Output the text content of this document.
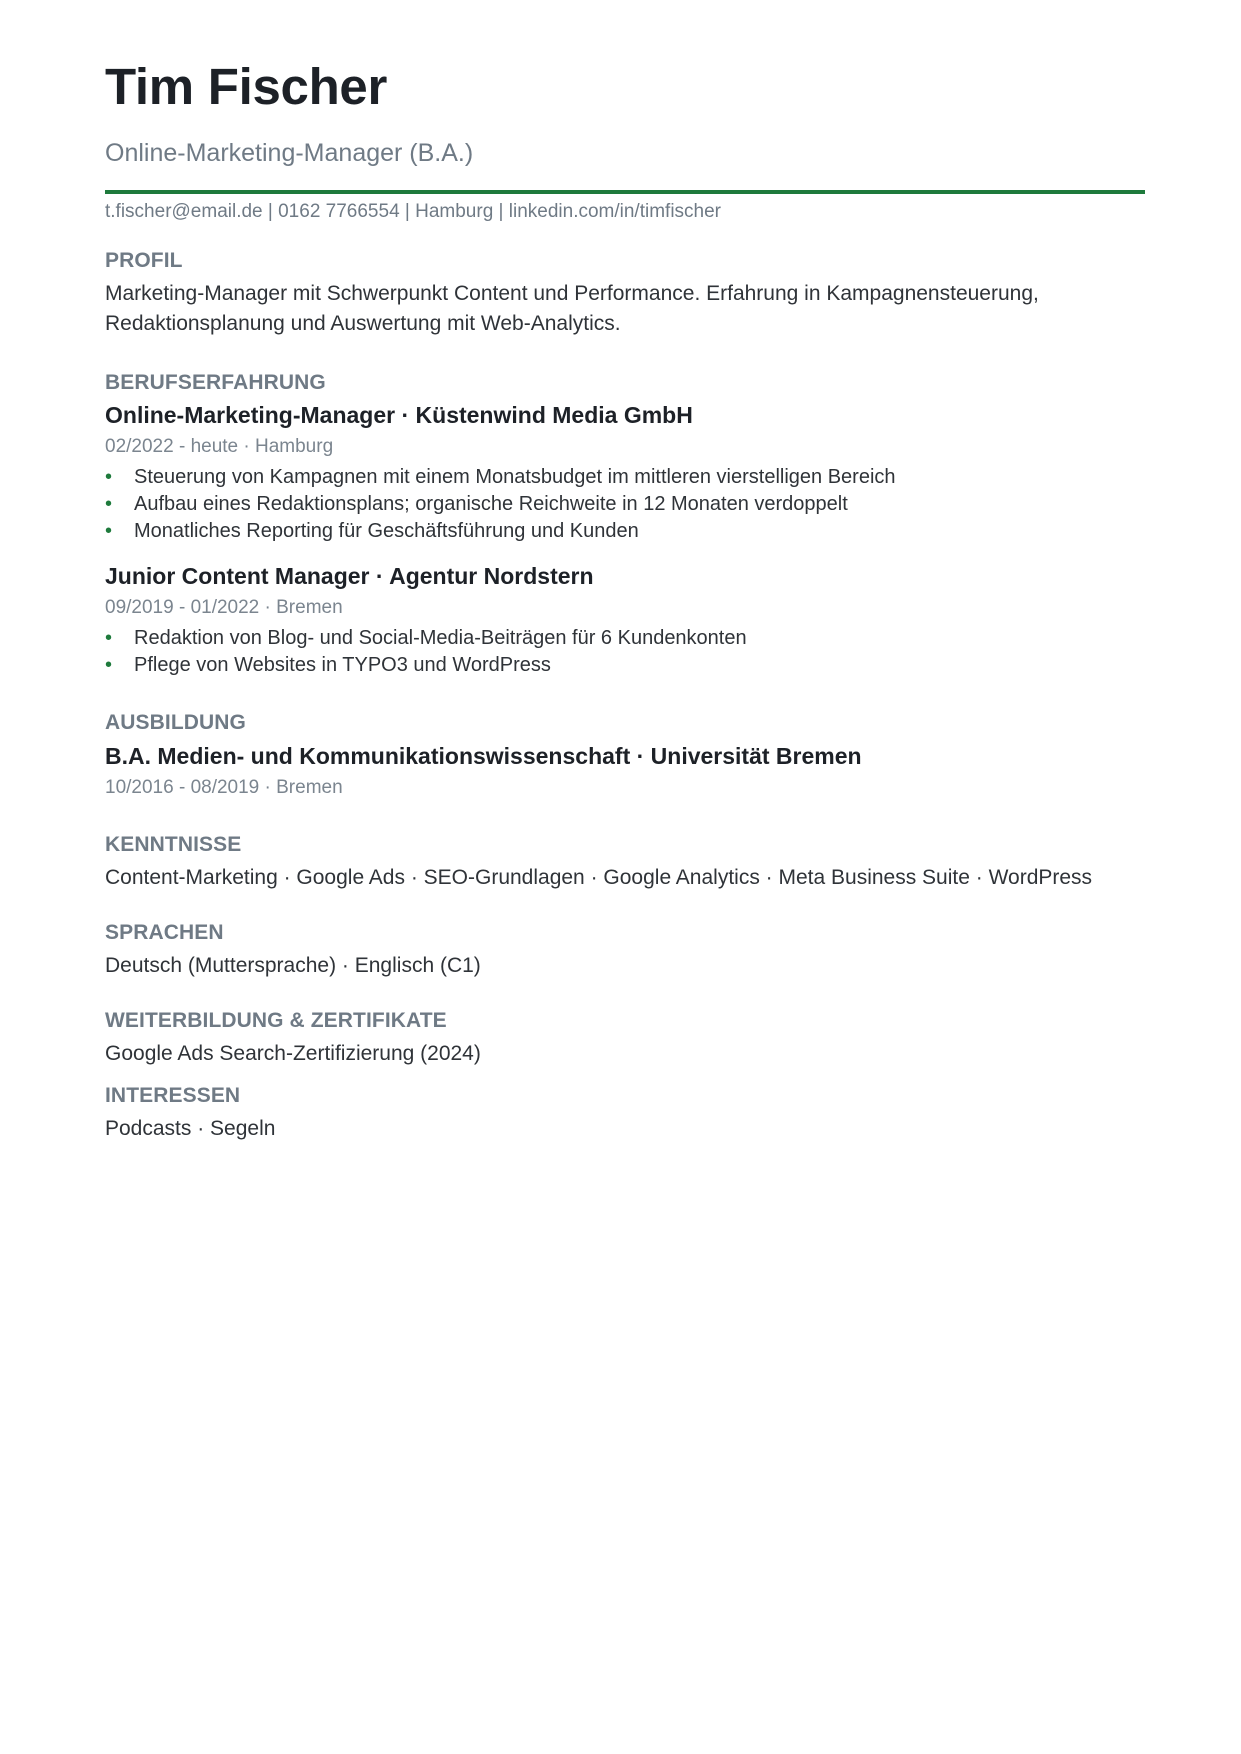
Tim Fischer
Online-Marketing-Manager (B.A.)
t.fischer@email.de | 0162 7766554 | Hamburg | linkedin.com/in/timfischer
PROFIL
Marketing-Manager mit Schwerpunkt Content und Performance. Erfahrung in Kampagnensteuerung,
Redaktionsplanung und Auswertung mit Web-Analytics.
BERUFSERFAHRUNG
Online-Marketing-Manager · Küstenwind Media GmbH
02/2022 - heute · Hamburg
• Steuerung von Kampagnen mit einem Monatsbudget im mittleren vierstelligen Bereich
• Aufbau eines Redaktionsplans; organische Reichweite in 12 Monaten verdoppelt
• Monatliches Reporting für Geschäftsführung und Kunden
Junior Content Manager · Agentur Nordstern
09/2019 - 01/2022 · Bremen
• Redaktion von Blog- und Social-Media-Beiträgen für 6 Kundenkonten
• Pflege von Websites in TYPO3 und WordPress
AUSBILDUNG
B.A. Medien- und Kommunikationswissenschaft · Universität Bremen
10/2016 - 08/2019 · Bremen
KENNTNISSE
Content-Marketing · Google Ads · SEO-Grundlagen · Google Analytics · Meta Business Suite · WordPress
SPRACHEN
Deutsch (Muttersprache) · Englisch (C1)
WEITERBILDUNG & ZERTIFIKATE
Google Ads Search-Zertifizierung (2024)
INTERESSEN
Podcasts · Segeln
